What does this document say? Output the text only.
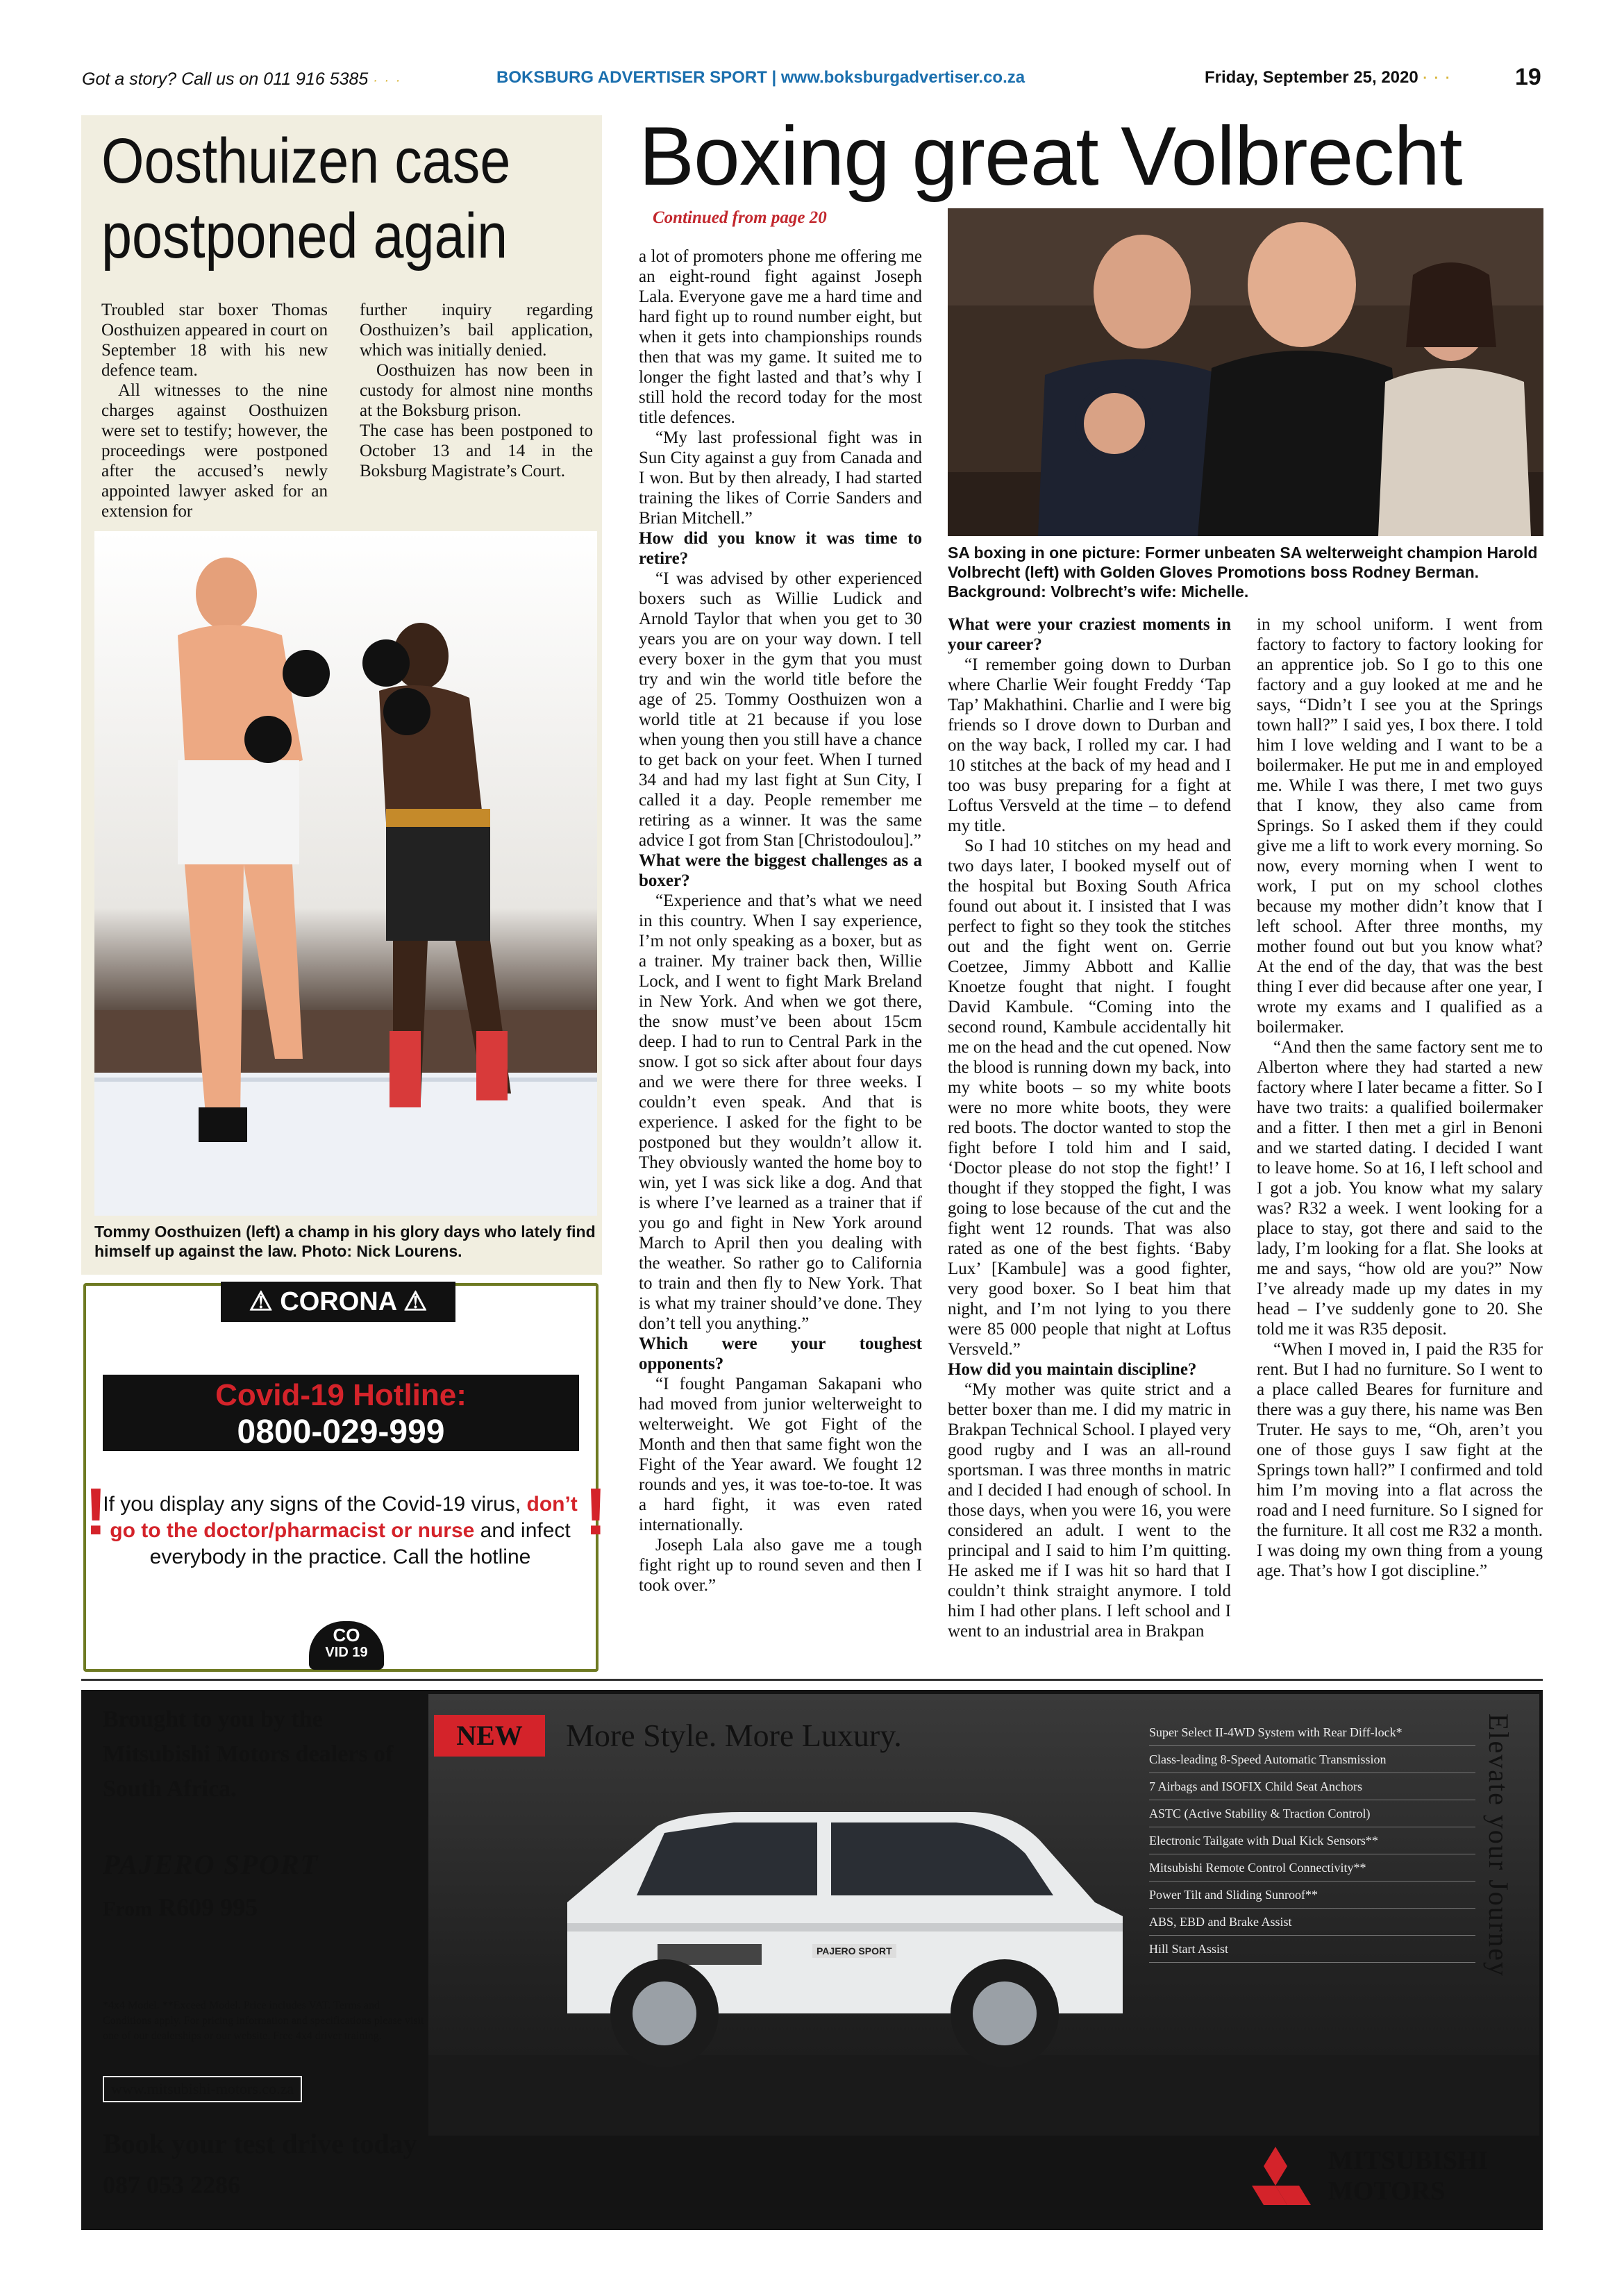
Got a story? Call us on 011 916 5385 · · ·	BOKSBURG ADVERTISER SPORT | www.boksburgadvertiser.co.za	Friday, September 25, 2020 · · ·	19
Oosthuizen case
postponed again

Troubled star boxer Thomas Oosthuizen appeared in court on September 18 with his new defence team.

All witnesses to the nine charges against Oosthuizen were set to testify; however, the proceedings were postponed after the accused’s newly appointed lawyer asked for an extension for

further inquiry regarding Oosthuizen’s bail application, which was initially denied.

Oosthuizen has now been in custody for almost nine months at the Boksburg prison.

The case has been postponed to October 13 and 14 in the Boksburg Magistrate’s Court.

Tommy Oosthuizen (left) a champ in his glory days who lately find himself up against the law. Photo: Nick Lourens.
Boxing great Volbrecht
Continued from page 20
SA boxing in one picture: Former unbeaten SA welterweight champion Harold Volbrecht (left) with Golden Gloves Promotions boss Rodney Berman. Background: Volbrecht’s wife: Michelle.

a lot of promoters phone me offering me an eight-round fight against Joseph Lala. Everyone gave me a hard time and hard fight up to round number eight, but when it gets into championships rounds then that was my game. It suited me to longer the fight lasted and that’s why I still hold the record today for the most title defences.

“My last professional fight was in Sun City against a guy from Canada and I won. But by then already, I had started training the likes of Corrie Sanders and Brian Mitchell.”

How did you know it was time to retire?

“I was advised by other experienced boxers such as Willie Ludick and Arnold Taylor that when you get to 30 years you are on your way down. I tell every boxer in the gym that you must try and win the world title before the age of 25. Tommy Oosthuizen won a world title at 21 because if you lose when young then you still have a chance to get back on your feet. When I turned 34 and had my last fight at Sun City, I called it a day. People remember me retiring as a winner. It was the same advice I got from Stan [Christodoulou].”

What were the biggest challenges as a boxer?

“Experience and that’s what we need in this country. When I say experience, I’m not only speaking as a boxer, but as a trainer. My trainer back then, Willie Lock, and I went to fight Mark Breland in New York. And when we got there, the snow must’ve been about 15cm deep. I had to run to Central Park in the snow. I got so sick after about four days and we were there for three weeks. I couldn’t even speak. And that is experience. I asked for the fight to be postponed but they wouldn’t allow it. They obviously wanted the home boy to win, yet I was sick like a dog. And that is where I’ve learned as a trainer that if you go and fight in New York around March to April then you dealing with the weather. So rather go to California to train and then fly to New York. That is what my trainer should’ve done. They don’t tell you anything.”

Which were your toughest opponents?

“I fought Pangaman Sakapani who had moved from junior welterweight to welterweight. We got Fight of the Month and then that same fight won the Fight of the Year award. We fought 12 rounds and yes, it was toe-to-toe. It was a hard fight, it was even rated internationally.

Joseph Lala also gave me a tough fight right up to round seven and then I took over.”

What were your craziest moments in your career?

“I remember going down to Durban where Charlie Weir fought Freddy ‘Tap Tap’ Makhathini. Charlie and I were big friends so I drove down to Durban and on the way back, I rolled my car. I had 10 stitches at the back of my head and I too was busy preparing for a fight at Loftus Versveld at the time – to defend my title.

So I had 10 stitches on my head and two days later, I booked myself out of the hospital but Boxing South Africa found out about it. I insisted that I was perfect to fight so they took the stitches out and the fight went on. Gerrie Coetzee, Jimmy Abbott and Kallie Knoetze fought that night. I fought David Kambule. “Coming into the second round, Kambule accidentally hit me on the head and the cut opened. Now the blood is running down my back, into my white boots – so my white boots were no more white boots, they were red boots. The doctor wanted to stop the fight before I told him and I said, ‘Doctor please do not stop the fight!’ I thought if they stopped the fight, I was going to lose because of the cut and the fight went 12 rounds. That was also rated as one of the best fights. ‘Baby Lux’ [Kambule] was a good fighter, very good boxer. So I beat him that night, and I’m not lying to you there were 85 000 people that night at Loftus Versveld.”

How did you maintain discipline?

“My mother was quite strict and a better boxer than me. I did my matric in Brakpan Technical School. I played very good rugby and I was an all-round sportsman. I was three months in matric and I decided I had enough of school. In those days, when you were 16, you were considered an adult. I went to the principal and I said to him I’m quitting. He asked me if I was hit so hard that I couldn’t think straight anymore. I told him I had other plans. I left school and I went to an industrial area in Brakpan

in my school uniform. I went from factory to factory to factory looking for an apprentice job. So I go to this one factory and a guy looked at me and he says, “Didn’t I see you at the Springs town hall?” I said yes, I box there. I told him I love welding and I want to be a boilermaker. He put me in and employed me. While I was there, I met two guys that I know, they also came from Springs. So I asked them if they could give me a lift to work every morning. So now, every morning when I went to work, I put on my school clothes because my mother didn’t know that I left school. After three months, my mother found out but you know what? At the end of the day, that was the best thing I ever did because after one year, I wrote my exams and I qualified as a boilermaker.

“And then the same factory sent me to Alberton where they had started a new factory where I later became a fitter. So I have two traits: a qualified boilermaker and a fitter. I then met a girl in Benoni and we started dating. I decided I want to leave home. So at 16, I left school and I got a job. You know what my salary was? R32 a week. I went looking for a place to stay, got there and said to the lady, I’m looking for a flat. She looks at me and says, “how old are you?” Now I’ve already made up my dates in my head – I’ve suddenly gone to 20. She told me it was R35 deposit.

“When I moved in, I paid the R35 for rent. But I had no furniture. So I went to a place called Beares for furniture and there was a guy there, his name was Ben Truter. He says to me, “Oh, aren’t you one of those guys I saw fight at the Springs town hall?” I confirmed and told him I’m moving into a flat across the road and I need furniture. So I signed for the furniture. It all cost me R32 a month. I was doing my own thing from a young age. That’s how I got discipline.”

⚠ CORONA ⚠
Covid-19 Hotline:
0800-029-999
!	!
If you display any signs of the Covid-19 virus, don’t go to the doctor/pharmacist or nurse and infect everybody in the practice. Call the hotline
CO
VID 19
Brought to you by the Mitsubishi Motors dealers of South Africa.
PAJERO SPORT
From R609 995
*4x4 Model. **Exceed Model. Price includes VAT. Terms and Conditions apply. For pricing information and specifications please visit one of our dealerships or our website. Free 4x4 driver training.
www.mitsubishi-motors.co.za
Book your test drive today
087 053 2286
NEW	More Style. More Luxury.	Super Select II-4WD System with Rear Diff-lock*
Class-leading 8-Speed Automatic Transmission
7 Airbags and ISOFIX Child Seat Anchors
ASTC (Active Stability & Traction Control)
Electronic Tailgate with Dual Kick Sensors**
Mitsubishi Remote Control Connectivity**
Power Tilt and Sliding Sunroof**
ABS, EBD and Brake Assist
Hill Start Assist	Elevate your Journey
PAJERO SPORT
MITSUBISHI
MOTORS
